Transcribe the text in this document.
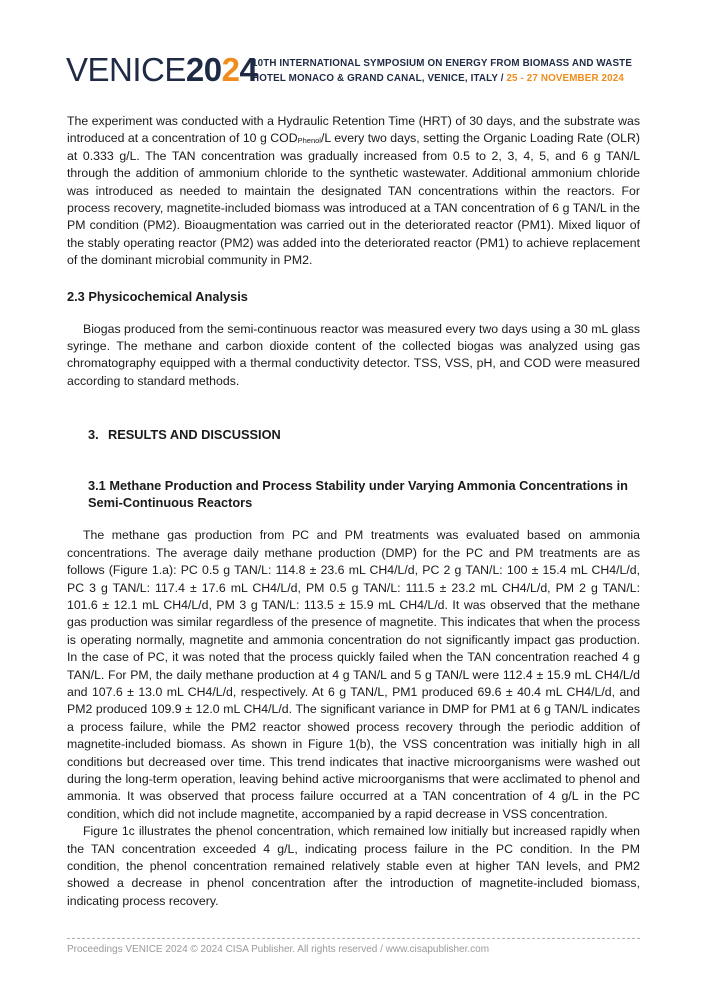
VENICE2024
10TH INTERNATIONAL SYMPOSIUM ON ENERGY FROM BIOMASS AND WASTE
HOTEL MONACO & GRAND CANAL, VENICE, ITALY / 25 - 27 NOVEMBER 2024

The experiment was conducted with a Hydraulic Retention Time (HRT) of 30 days, and the substrate was introduced at a concentration of 10 g $COD_{Phenol}/L$ every two days, setting the Organic Loading Rate (OLR) at 0.333 g/L. The TAN concentration was gradually increased from 0.5 to 2, 3, 4, 5, and 6 g TAN/L through the addition of ammonium chloride to the synthetic wastewater. Additional ammonium chloride was introduced as needed to maintain the designated TAN concentrations within the reactors. For process recovery, magnetite-included biomass was introduced at a TAN concentration of 6 g TAN/L in the PM condition (PM2). Bioaugmentation was carried out in the deteriorated reactor (PM1). Mixed liquor of the stably operating reactor (PM2) was added into the deteriorated reactor (PM1) to achieve replacement of the dominant microbial community in PM2.

2.3 Physicochemical Analysis

Biogas produced from the semi-continuous reactor was measured every two days using a 30 mL glass syringe. The methane and carbon dioxide content of the collected biogas was analyzed using gas chromatography equipped with a thermal conductivity detector. TSS, VSS, pH, and COD were measured according to standard methods.

3. RESULTS AND DISCUSSION
3.1 Methane Production and Process Stability under Varying Ammonia Concentrations in Semi-Continuous Reactors

The methane gas production from PC and PM treatments was evaluated based on ammonia concentrations. The average daily methane production (DMP) for the PC and PM treatments are as follows (Figure 1.a): PC 0.5 g TAN/L: 114.8 ± 23.6 mL CH4/L/d, PC 2 g TAN/L: 100 ± 15.4 mL CH4/L/d, PC 3 g TAN/L: 117.4 ± 17.6 mL CH4/L/d, PM 0.5 g TAN/L: 111.5 ± 23.2 mL CH4/L/d, PM 2 g TAN/L: 101.6 ± 12.1 mL CH4/L/d, PM 3 g TAN/L: 113.5 ± 15.9 mL CH4/L/d. It was observed that the methane gas production was similar regardless of the presence of magnetite. This indicates that when the process is operating normally, magnetite and ammonia concentration do not significantly impact gas production. In the case of PC, it was noted that the process quickly failed when the TAN concentration reached 4 g TAN/L. For PM, the daily methane production at 4 g TAN/L and 5 g TAN/L were 112.4 ± 15.9 mL CH4/L/d and 107.6 ± 13.0 mL CH4/L/d, respectively. At 6 g TAN/L, PM1 produced 69.6 ± 40.4 mL CH4/L/d, and PM2 produced 109.9 ± 12.0 mL CH4/L/d. The significant variance in DMP for PM1 at 6 g TAN/L indicates a process failure, while the PM2 reactor showed process recovery through the periodic addition of magnetite-included biomass. As shown in Figure 1(b), the VSS concentration was initially high in all conditions but decreased over time. This trend indicates that inactive microorganisms were washed out during the long-term operation, leaving behind active microorganisms that were acclimated to phenol and ammonia. It was observed that process failure occurred at a TAN concentration of 4 g/L in the PC condition, which did not include magnetite, accompanied by a rapid decrease in VSS concentration.

Figure 1c illustrates the phenol concentration, which remained low initially but increased rapidly when the TAN concentration exceeded 4 g/L, indicating process failure in the PC condition. In the PM condition, the phenol concentration remained relatively stable even at higher TAN levels, and PM2 showed a decrease in phenol concentration after the introduction of magnetite-included biomass, indicating process recovery.

Proceedings VENICE 2024 © 2024 CISA Publisher. All rights reserved / www.cisapublisher.com
